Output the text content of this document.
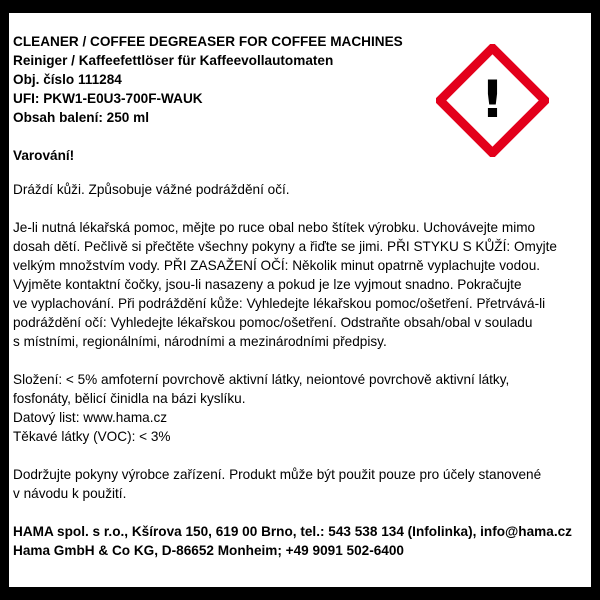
CLEANER / COFFEE DEGREASER FOR COFFEE MACHINES
Reiniger / Kaffeefettlöser für Kaffeevollautomaten
Obj. číslo 111284
UFI: PKW1-E0U3-700F-WAUK
Obsah balení: 250 ml
Varování!
Dráždí kůži. Způsobuje vážné podráždění očí.
Je-li nutná lékařská pomoc, mějte po ruce obal nebo štítek výrobku. Uchovávejte mimo
dosah dětí. Pečlivě si přečtěte všechny pokyny a řiďte se jimi. PŘI STYKU S KŮŽÍ: Omyjte
velkým množstvím vody. PŘI ZASAŽENÍ OČÍ: Několik minut opatrně vyplachujte vodou.
Vyjměte kontaktní čočky, jsou-li nasazeny a pokud je lze vyjmout snadno. Pokračujte
ve vyplachování. Při podráždění kůže: Vyhledejte lékařskou pomoc/ošetření. Přetrvává-li
podráždění očí: Vyhledejte lékařskou pomoc/ošetření. Odstraňte obsah/obal v souladu
s místními, regionálními, národními a mezinárodními předpisy.
Složení: < 5% amfoterní povrchově aktivní látky, neiontové povrchově aktivní látky,
fosfonáty, bělicí činidla na bázi kyslíku.
Datový list: www.hama.cz
Těkavé látky (VOC): < 3%
Dodržujte pokyny výrobce zařízení. Produkt může být použit pouze pro účely stanovené
v návodu k použití.
HAMA spol. s r.o., Kšírova 150, 619 00 Brno, tel.: 543 538 134 (Infolinka), info@hama.cz
Hama GmbH & Co KG, D-86652 Monheim; +49 9091 502-6400
!
